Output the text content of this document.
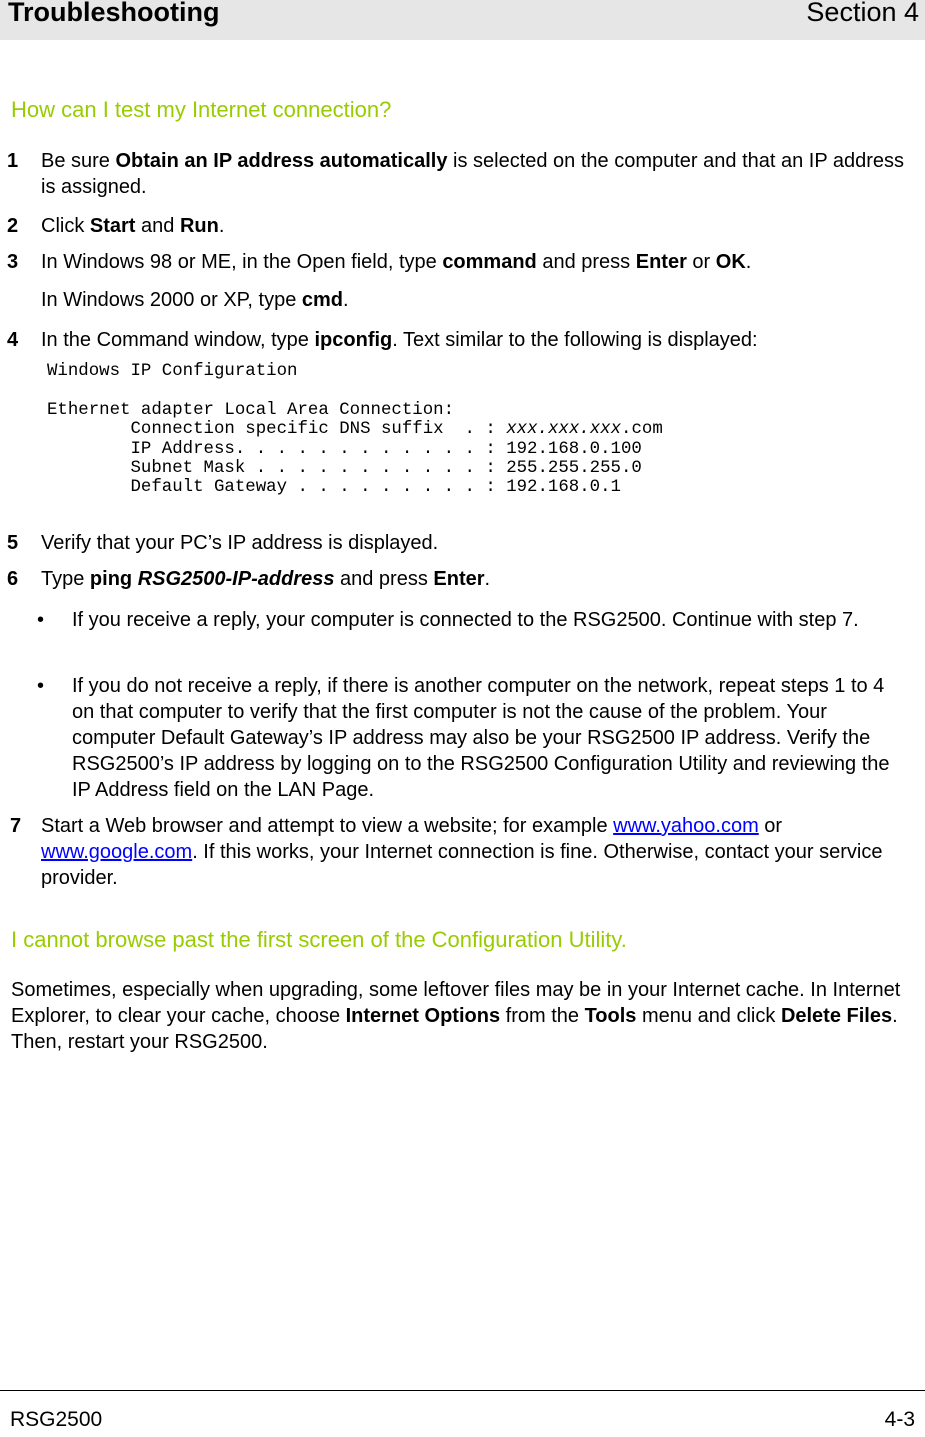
Troubleshooting	Section 4
How can I test my Internet connection?
1	Be sure Obtain an IP address automatically is selected on the computer and that an IP address is assigned.
2	Click Start and Run.
3	In Windows 98 or ME, in the Open field, type command and press Enter or OK.
In Windows 2000 or XP, type cmd.
4	In the Command window, type ipconfig. Text similar to the following is displayed:
Windows IP Configuration

Ethernet adapter Local Area Connection:
Connection specific DNS suffix  . : xxx.xxx.xxx.com
IP Address. . . . . . . . . . . . : 192.168.0.100
Subnet Mask . . . . . . . . . . . : 255.255.255.0
Default Gateway . . . . . . . . . : 192.168.0.1
5	Verify that your PC’s IP address is displayed.
6	Type ping RSG2500-IP-address and press Enter.
• If you receive a reply, your computer is connected to the RSG2500. Continue with step 7.
• If you do not receive a reply, if there is another computer on the network, repeat steps 1 to 4 on that computer to verify that the first computer is not the cause of the problem. Your computer Default Gateway’s IP address may also be your RSG2500 IP address. Verify the RSG2500’s IP address by logging on to the RSG2500 Configuration Utility and reviewing the IP Address field on the LAN Page.
7 Start a Web browser and attempt to view a website; for example www.yahoo.com or www.google.com. If this works, your Internet connection is fine. Otherwise, contact your service provider.
I cannot browse past the first screen of the Configuration Utility.
Sometimes, especially when upgrading, some leftover files may be in your Internet cache. In Internet Explorer, to clear your cache, choose Internet Options from the Tools menu and click Delete Files. Then, restart your RSG2500.
RSG2500	4-3
